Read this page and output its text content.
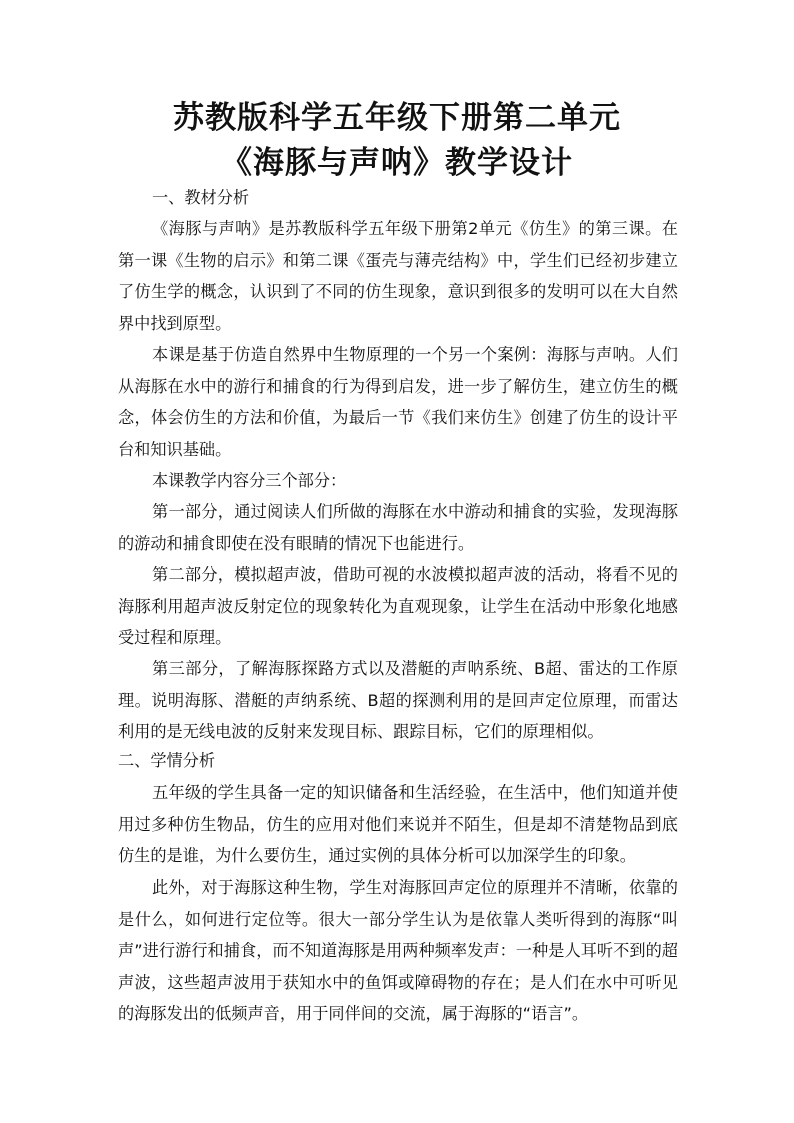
苏教版科学五年级下册第二单元
《海豚与声呐》教学设计

一、教材分析

《海豚与声呐》是苏教版科学五年级下册第2单元《仿生》的第三课。在第一课《生物的启示》和第二课《蛋壳与薄壳结构》中，学生们已经初步建立了仿生学的概念，认识到了不同的仿生现象，意识到很多的发明可以在大自然界中找到原型。

本课是基于仿造自然界中生物原理的一个另一个案例：海豚与声呐。人们从海豚在水中的游行和捕食的行为得到启发，进一步了解仿生，建立仿生的概念，体会仿生的方法和价值，为最后一节《我们来仿生》创建了仿生的设计平台和知识基础。

本课教学内容分三个部分：

第一部分，通过阅读人们所做的海豚在水中游动和捕食的实验，发现海豚的游动和捕食即使在没有眼睛的情况下也能进行。

第二部分，模拟超声波，借助可视的水波模拟超声波的活动，将看不见的海豚利用超声波反射定位的现象转化为直观现象，让学生在活动中形象化地感受过程和原理。

第三部分，了解海豚探路方式以及潜艇的声呐系统、B超、雷达的工作原理。说明海豚、潜艇的声纳系统、B超的探测利用的是回声定位原理，而雷达利用的是无线电波的反射来发现目标、跟踪目标，它们的原理相似。

二、学情分析

五年级的学生具备一定的知识储备和生活经验，在生活中，他们知道并使用过多种仿生物品，仿生的应用对他们来说并不陌生，但是却不清楚物品到底仿生的是谁，为什么要仿生，通过实例的具体分析可以加深学生的印象。

此外，对于海豚这种生物，学生对海豚回声定位的原理并不清晰，依靠的是什么，如何进行定位等。很大一部分学生认为是依靠人类听得到的海豚“叫声”进行游行和捕食，而不知道海豚是用两种频率发声：一种是人耳听不到的超声波，这些超声波用于获知水中的鱼饵或障碍物的存在；是人们在水中可听见的海豚发出的低频声音，用于同伴间的交流，属于海豚的“语言”。
